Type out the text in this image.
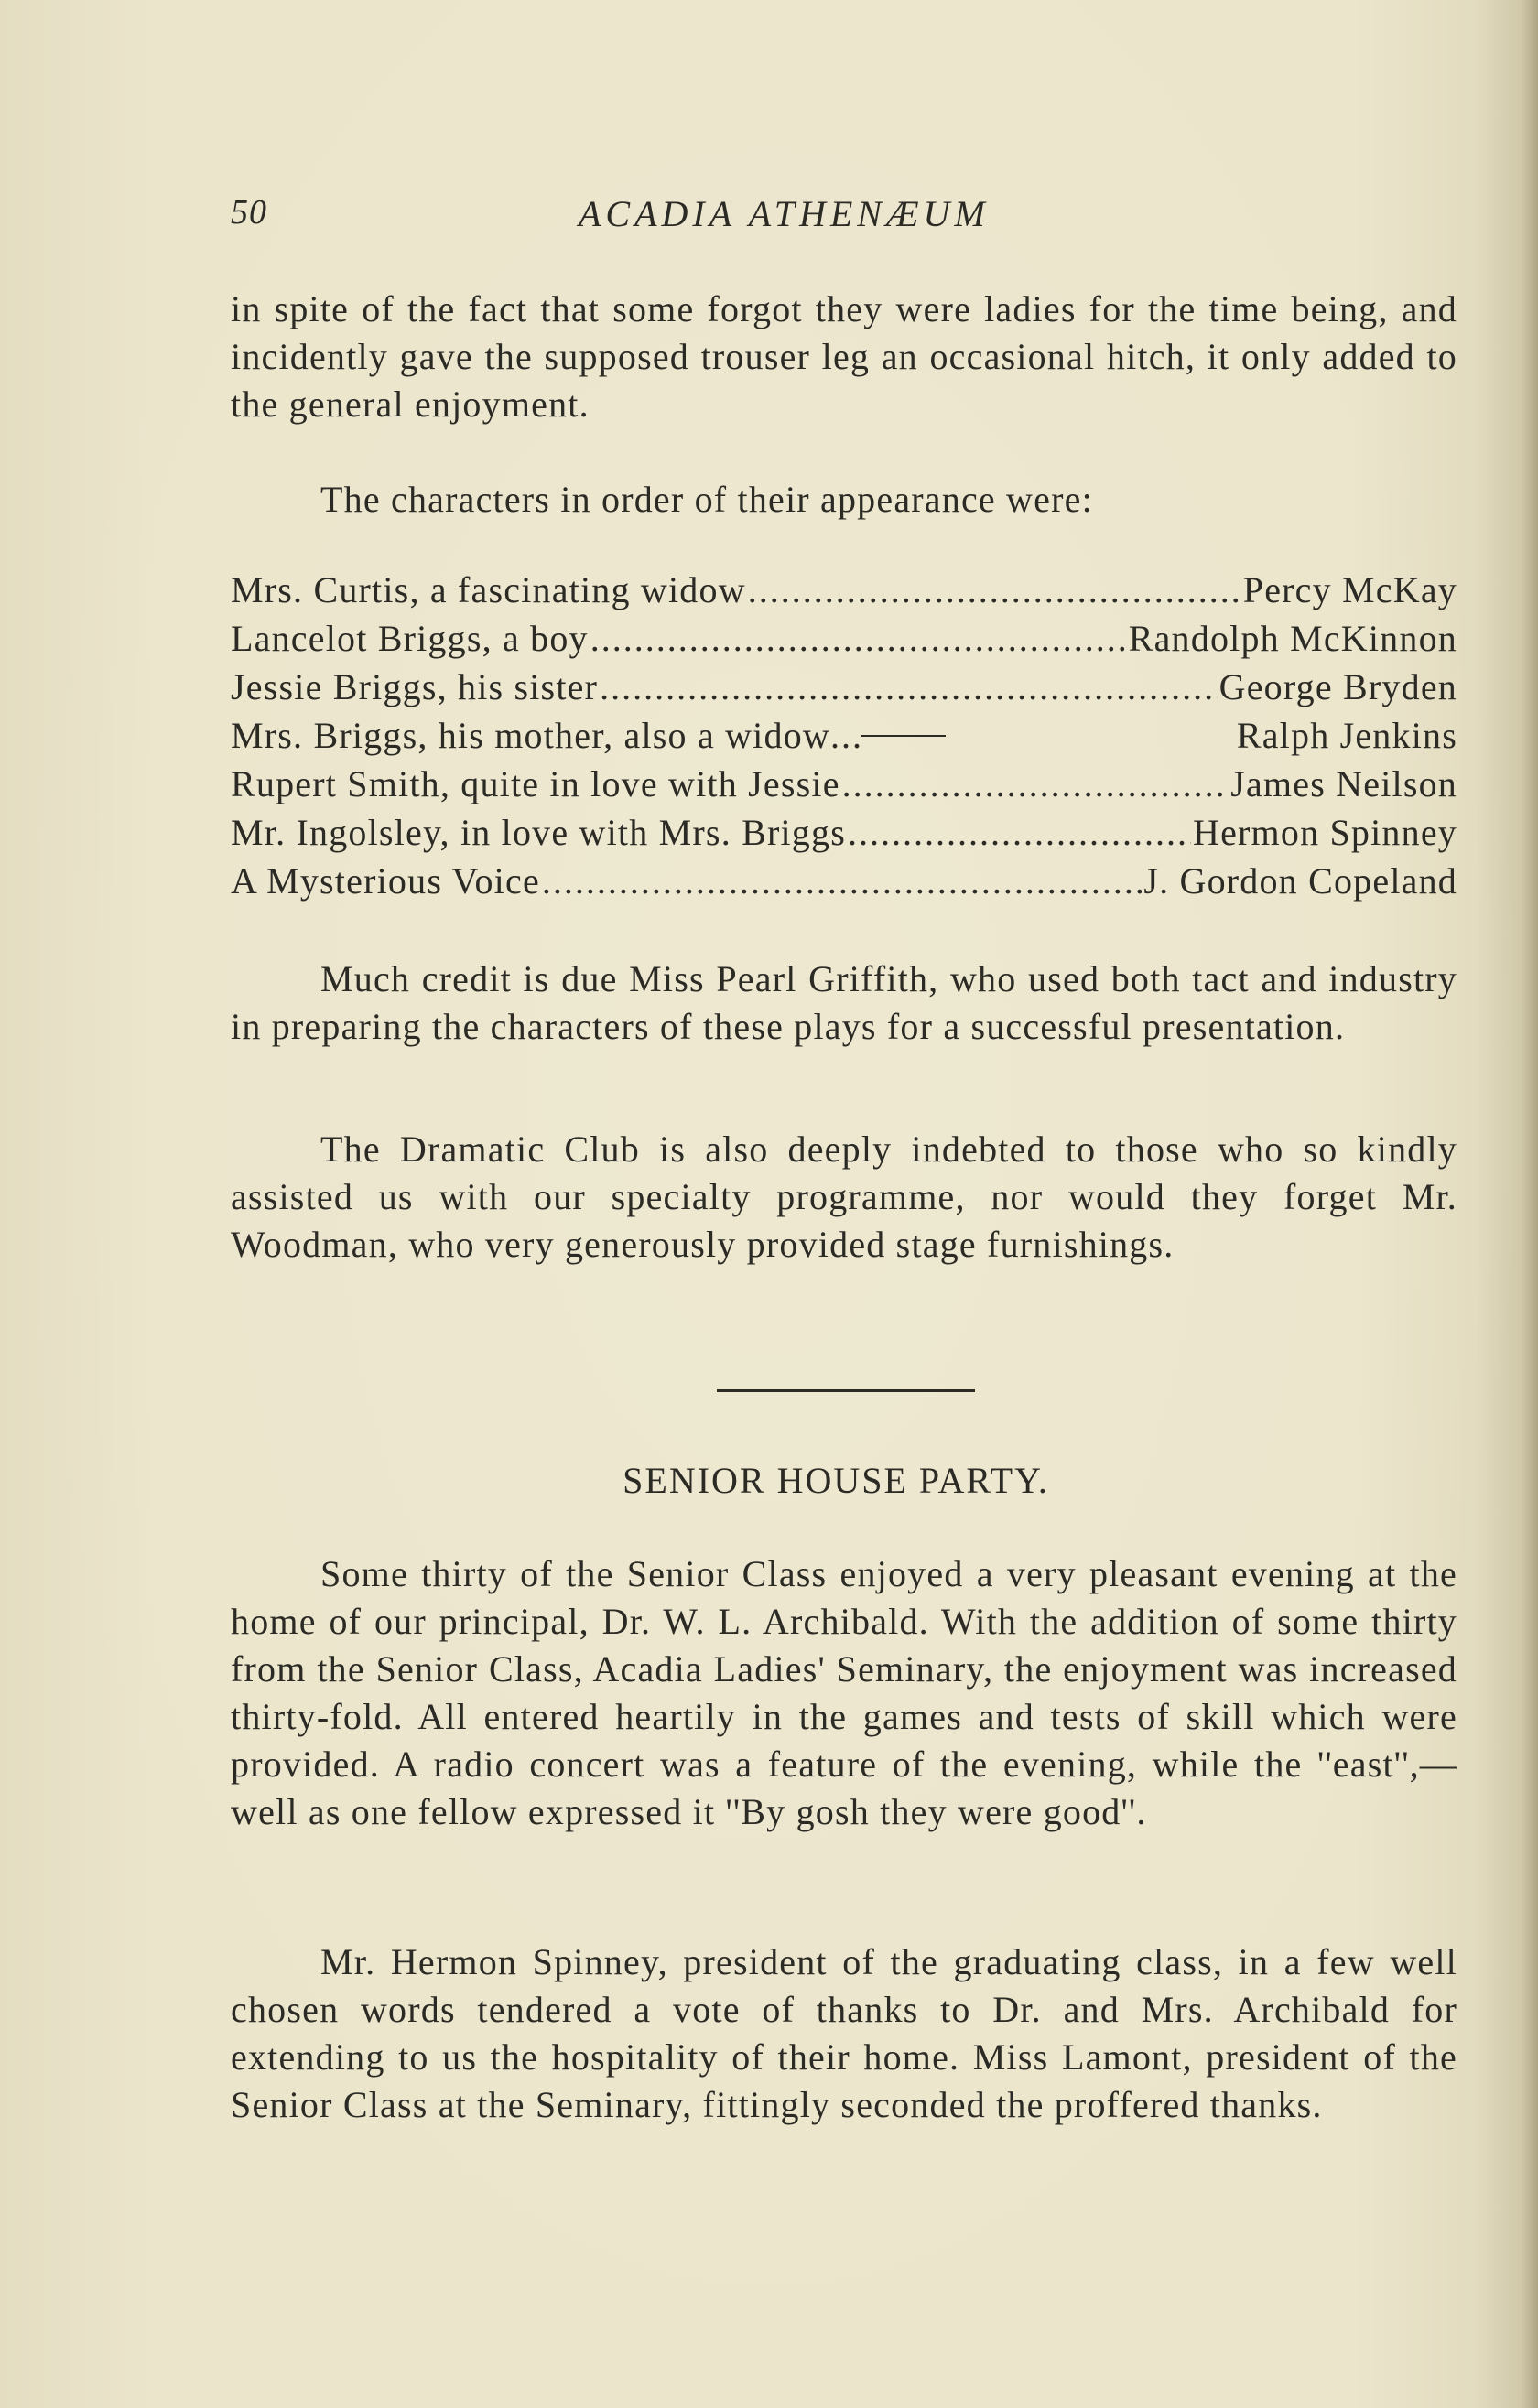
50	ACADIA ATHENÆUM

in spite of the fact that some forgot they were ladies for the time being, and incidently gave the supposed trouser leg an occasional hitch, it only added to the general enjoyment.

The characters in order of their appearance were:

Mrs. Curtis, a fascinating widow . . .	Percy McKay
Lancelot Briggs, a boy . . .	Randolph McKinnon
Jessie Briggs, his sister . . .	George Bryden
Mrs. Briggs, his mother, also a widow . . .	Ralph Jenkins
Rupert Smith, quite in love with Jessie . . .	James Neilson
Mr. Ingolsley, in love with Mrs. Briggs . . .	Hermon Spinney
A Mysterious Voice . . .	J. Gordon Copeland

Much credit is due Miss Pearl Griffith, who used both tact and industry in preparing the characters of these plays for a successful presentation.

The Dramatic Club is also deeply indebted to those who so kindly assisted us with our specialty programme, nor would they forget Mr. Woodman, who very generously provided stage furnishings.

SENIOR HOUSE PARTY.

Some thirty of the Senior Class enjoyed a very pleasant evening at the home of our principal, Dr. W. L. Archibald. With the addition of some thirty from the Senior Class, Acadia Ladies' Seminary, the enjoyment was increased thirty-fold. All entered heartily in the games and tests of skill which were provided. A radio concert was a feature of the evening, while the ''east'',—well as one fellow expressed it ''By gosh they were good''.

Mr. Hermon Spinney, president of the graduating class, in a few well chosen words tendered a vote of thanks to Dr. and Mrs. Archibald for extending to us the hospitality of their home. Miss Lamont, president of the Senior Class at the Seminary, fittingly seconded the proffered thanks.
